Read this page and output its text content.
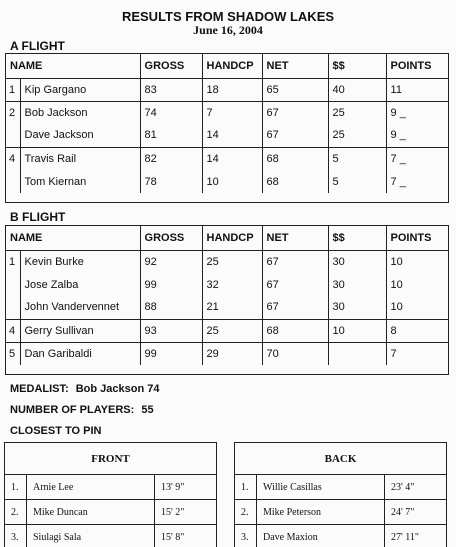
RESULTS FROM SHADOW LAKES
June 16, 2004
A FLIGHT
NAME		GROSS	HANDCP	NET	$$	POINTS
1	Kip Gargano	83	18	65	40	11
2	Bob Jackson	74	7	67	25	9 _
	Dave Jackson	81	14	67	25	9 _
4	Travis Rail	82	14	68	5	7 _
	Tom Kiernan	78	10	68	5	7 _
B FLIGHT
NAME		GROSS	HANDCP	NET	$$	POINTS
1	Kevin Burke	92	25	67	30	10
	Jose Zalba	99	32	67	30	10
	John Vandervennet	88	21	67	30	10
4	Gerry Sullivan	93	25	68	10	8
5	Dan Garibaldi	99	29	70		7
MEDALIST: Bob Jackson 74
NUMBER OF PLAYERS: 55
CLOSEST TO PIN
FRONT		
1.	Arnie Lee	13' 9"
2.	Mike Duncan	15' 2"
3.	Siulagi Sala	15' 8"
BACK		
1.	Willie Casillas	23' 4"
2.	Mike Peterson	24' 7"
3.	Dave Maxion	27' 11"
